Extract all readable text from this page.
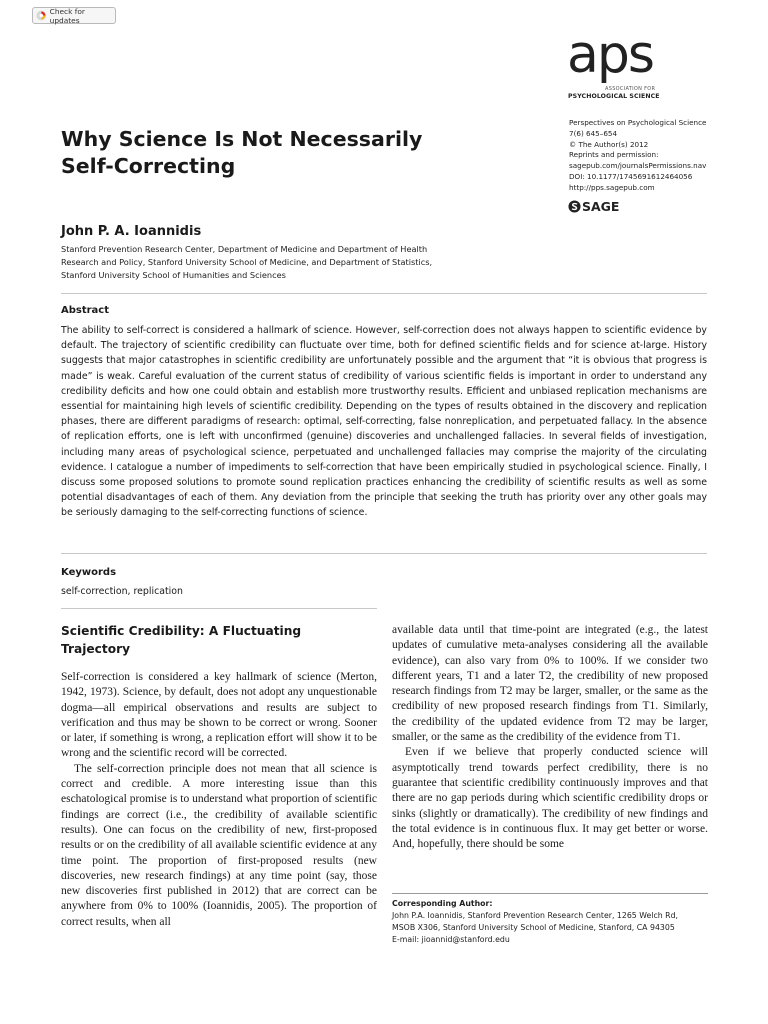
Check for updates
aps
ASSOCIATION FOR
PSYCHOLOGICAL SCIENCE
Perspectives on Psychological Science
7(6) 645–654
© The Author(s) 2012
Reprints and permission:
sagepub.com/journalsPermissions.nav
DOI: 10.1177/1745691612464056
http://pps.sagepub.com
SAGE
Why Science Is Not Necessarily
Self-Correcting
John P. A. Ioannidis
Stanford Prevention Research Center, Department of Medicine and Department of Health Research and Policy, Stanford University School of Medicine, and Department of Statistics, Stanford University School of Humanities and Sciences
Abstract

The ability to self-correct is considered a hallmark of science. However, self-correction does not always happen to scientific evidence by default. The trajectory of scientific credibility can fluctuate over time, both for defined scientific fields and for science at-large. History suggests that major catastrophes in scientific credibility are unfortunately possible and the argument that “it is obvious that progress is made” is weak. Careful evaluation of the current status of credibility of various scientific fields is important in order to understand any credibility deficits and how one could obtain and establish more trustworthy results. Efficient and unbiased replication mechanisms are essential for maintaining high levels of scientific credibility. Depending on the types of results obtained in the discovery and replication phases, there are different paradigms of research: optimal, self-correcting, false nonreplication, and perpetuated fallacy. In the absence of replication efforts, one is left with unconfirmed (genuine) discoveries and unchallenged fallacies. In several fields of investigation, including many areas of psychological science, perpetuated and unchallenged fallacies may comprise the majority of the circulating evidence. I catalogue a number of impediments to self-correction that have been empirically studied in psychological science. Finally, I discuss some proposed solutions to promote sound replication practices enhancing the credibility of scientific results as well as some potential disadvantages of each of them. Any deviation from the principle that seeking the truth has priority over any other goals may be seriously damaging to the self-correcting functions of science.

Keywords
self-correction, replication
Scientific Credibility: A Fluctuating
Trajectory

Self-correction is considered a key hallmark of science (Merton, 1942, 1973). Science, by default, does not adopt any unquestionable dogma—all empirical observations and results are subject to verification and thus may be shown to be correct or wrong. Sooner or later, if something is wrong, a replication effort will show it to be wrong and the scientific record will be corrected.

The self-correction principle does not mean that all science is correct and credible. A more interesting issue than this eschatological promise is to understand what proportion of scientific findings are correct (i.e., the credibility of available scientific results). One can focus on the credibility of new, first-proposed results or on the credibility of all available scientific evidence at any time point. The proportion of first-proposed results (new discoveries, new research findings) at any time point (say, those new discoveries first published in 2012) that are correct can be anywhere from 0% to 100% (Ioannidis, 2005). The proportion of correct results, when all

available data until that time-point are integrated (e.g., the latest updates of cumulative meta-analyses considering all the available evidence), can also vary from 0% to 100%. If we consider two different years, T1 and a later T2, the credibility of new proposed research findings from T2 may be larger, smaller, or the same as the credibility of new proposed research findings from T1. Similarly, the credibility of the updated evidence from T2 may be larger, smaller, or the same as the credibility of the evidence from T1.

Even if we believe that properly conducted science will asymptotically trend towards perfect credibility, there is no guarantee that scientific credibility continuously improves and that there are no gap periods during which scientific credibility drops or sinks (slightly or dramatically). The credibility of new findings and the total evidence is in continuous flux. It may get better or worse. And, hopefully, there should be some

Corresponding Author:
John P.A. Ioannidis, Stanford Prevention Research Center, 1265 Welch Rd,
MSOB X306, Stanford University School of Medicine, Stanford, CA 94305
E-mail: jioannid@stanford.edu
